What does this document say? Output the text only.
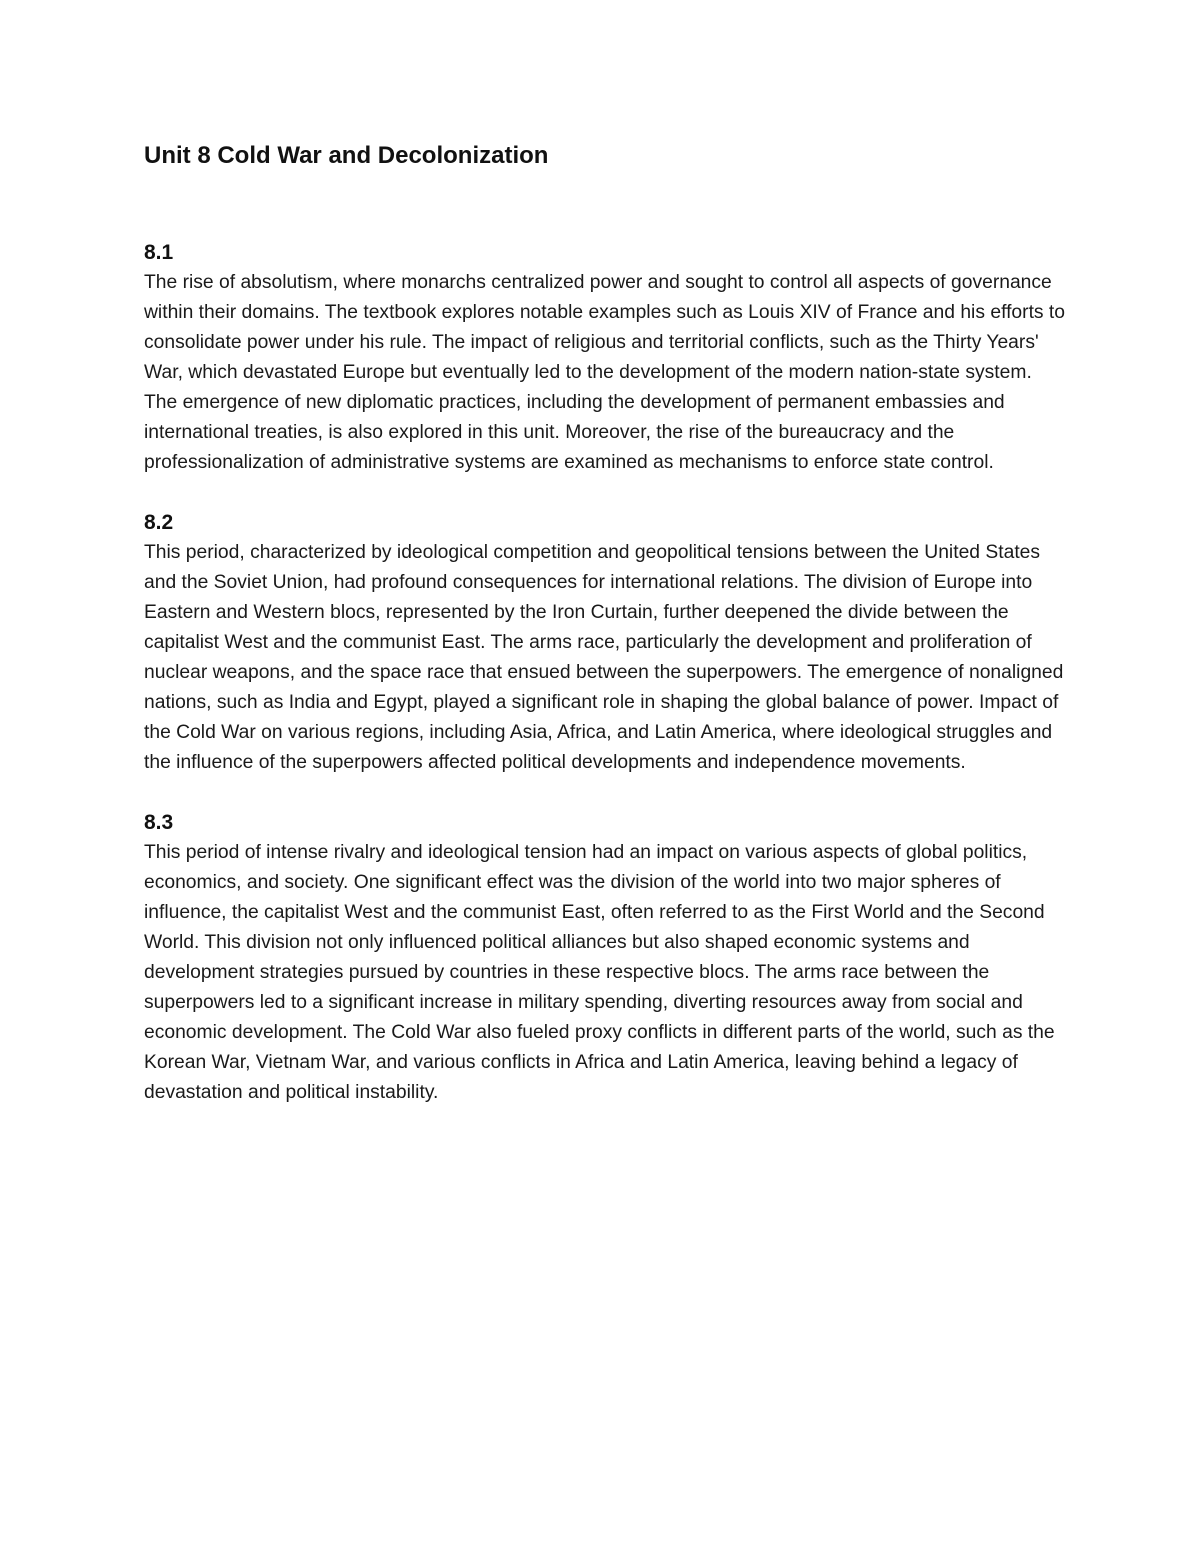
Unit 8 Cold War and Decolonization
8.1

The rise of absolutism, where monarchs centralized power and sought to control all aspects of governance within their domains. The textbook explores notable examples such as Louis XIV of France and his efforts to consolidate power under his rule. The impact of religious and territorial conflicts, such as the Thirty Years' War, which devastated Europe but eventually led to the development of the modern nation-state system. The emergence of new diplomatic practices, including the development of permanent embassies and international treaties, is also explored in this unit. Moreover, the rise of the bureaucracy and the professionalization of administrative systems are examined as mechanisms to enforce state control.

8.2

This period, characterized by ideological competition and geopolitical tensions between the United States and the Soviet Union, had profound consequences for international relations. The division of Europe into Eastern and Western blocs, represented by the Iron Curtain, further deepened the divide between the capitalist West and the communist East. The arms race, particularly the development and proliferation of nuclear weapons, and the space race that ensued between the superpowers. The emergence of nonaligned nations, such as India and Egypt, played a significant role in shaping the global balance of power. Impact of the Cold War on various regions, including Asia, Africa, and Latin America, where ideological struggles and the influence of the superpowers affected political developments and independence movements.

8.3

This period of intense rivalry and ideological tension had an impact on various aspects of global politics, economics, and society. One significant effect was the division of the world into two major spheres of influence, the capitalist West and the communist East, often referred to as the First World and the Second World. This division not only influenced political alliances but also shaped economic systems and development strategies pursued by countries in these respective blocs. The arms race between the superpowers led to a significant increase in military spending, diverting resources away from social and economic development. The Cold War also fueled proxy conflicts in different parts of the world, such as the Korean War, Vietnam War, and various conflicts in Africa and Latin America, leaving behind a legacy of devastation and political instability.
